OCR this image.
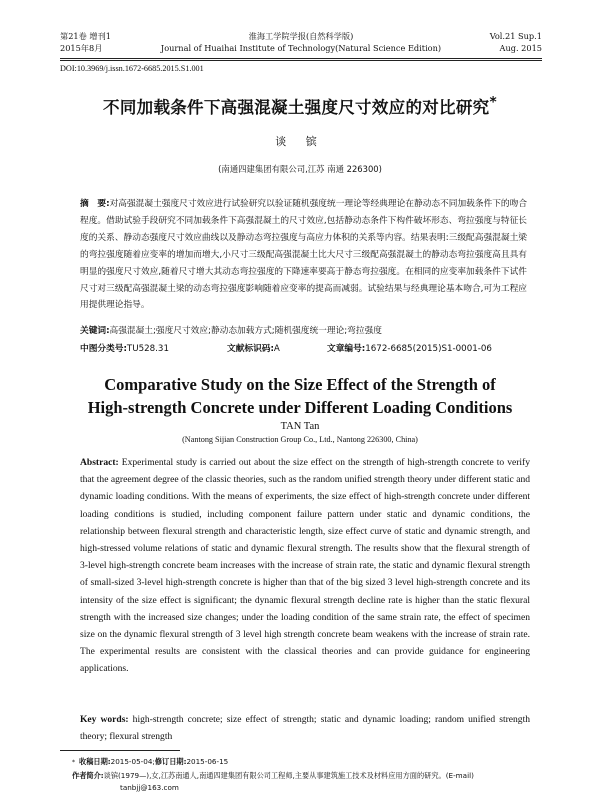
第21卷 增刊1
2015年8月
淮海工学院学报(自然科学版)
Journal of Huaihai Institute of Technology(Natural Science Edition)
Vol.21 Sup.1
Aug. 2015
DOI:10.3969/j.issn.1672-6685.2015.S1.001
不同加载条件下高强混凝土强度尺寸效应的对比研究*
谈 镔
(南通四建集团有限公司,江苏 南通 226300)
摘　要:对高强混凝土强度尺寸效应进行试验研究以验证随机强度统一理论等经典理论在静动态不同加载条件下的吻合程度。借助试验手段研究不同加载条件下高强混凝土的尺寸效应,包括静动态条件下构件破坏形态、弯拉强度与特征长度的关系、静动态强度尺寸效应曲线以及静动态弯拉强度与高应力体积的关系等内容。结果表明:三级配高强混凝土梁的弯拉强度随着应变率的增加而增大,小尺寸三级配高强混凝土比大尺寸三级配高强混凝土的静动态弯拉强度高且具有明显的强度尺寸效应,随着尺寸增大其动态弯拉强度的下降速率要高于静态弯拉强度。在相同的应变率加载条件下试件尺寸对三级配高强混凝土梁的动态弯拉强度影响随着应变率的提高而减弱。试验结果与经典理论基本吻合,可为工程应用提供理论指导。
关键词:高强混凝土;强度尺寸效应;静动态加载方式;随机强度统一理论;弯拉强度
中图分类号:TU528.31	文献标识码:A	文章编号:1672-6685(2015)S1-0001-06
Comparative Study on the Size Effect of the Strength of
High-strength Concrete under Different Loading Conditions
TAN Tan
(Nantong Sijian Construction Group Co., Ltd., Nantong 226300, China)
Abstract: Experimental study is carried out about the size effect on the strength of high-strength concrete to verify that the agreement degree of the classic theories, such as the random unified strength theory under different static and dynamic loading conditions. With the means of experiments, the size effect of high-strength concrete under different loading conditions is studied, including component failure pattern under static and dynamic conditions, the relationship between flexural strength and characteristic length, size effect curve of static and dynamic strength, and high-stressed volume relations of static and dynamic flexural strength. The results show that the flexural strength of 3-level high-strength concrete beam increases with the increase of strain rate, the static and dynamic flexural strength of small-sized 3-level high-strength concrete is higher than that of the big sized 3 level high-strength concrete and its intensity of the size effect is significant; the dynamic flexural strength decline rate is higher than the static flexural strength with the increased size changes; under the loading condition of the same strain rate, the effect of specimen size on the dynamic flexural strength of 3 level high strength concrete beam weakens with the increase of strain rate. The experimental results are consistent with the classical theories and can provide guidance for engineering applications.
Key words: high-strength concrete; size effect of strength; static and dynamic loading; random unified strength theory; flexural strength
* 收稿日期:2015-05-04;修订日期:2015-06-15
作者简介:谈镔(1979—),女,江苏南通人,南通四建集团有限公司工程师,主要从事建筑施工技术及材料应用方面的研究。(E-mail)
tanbjj@163.com
